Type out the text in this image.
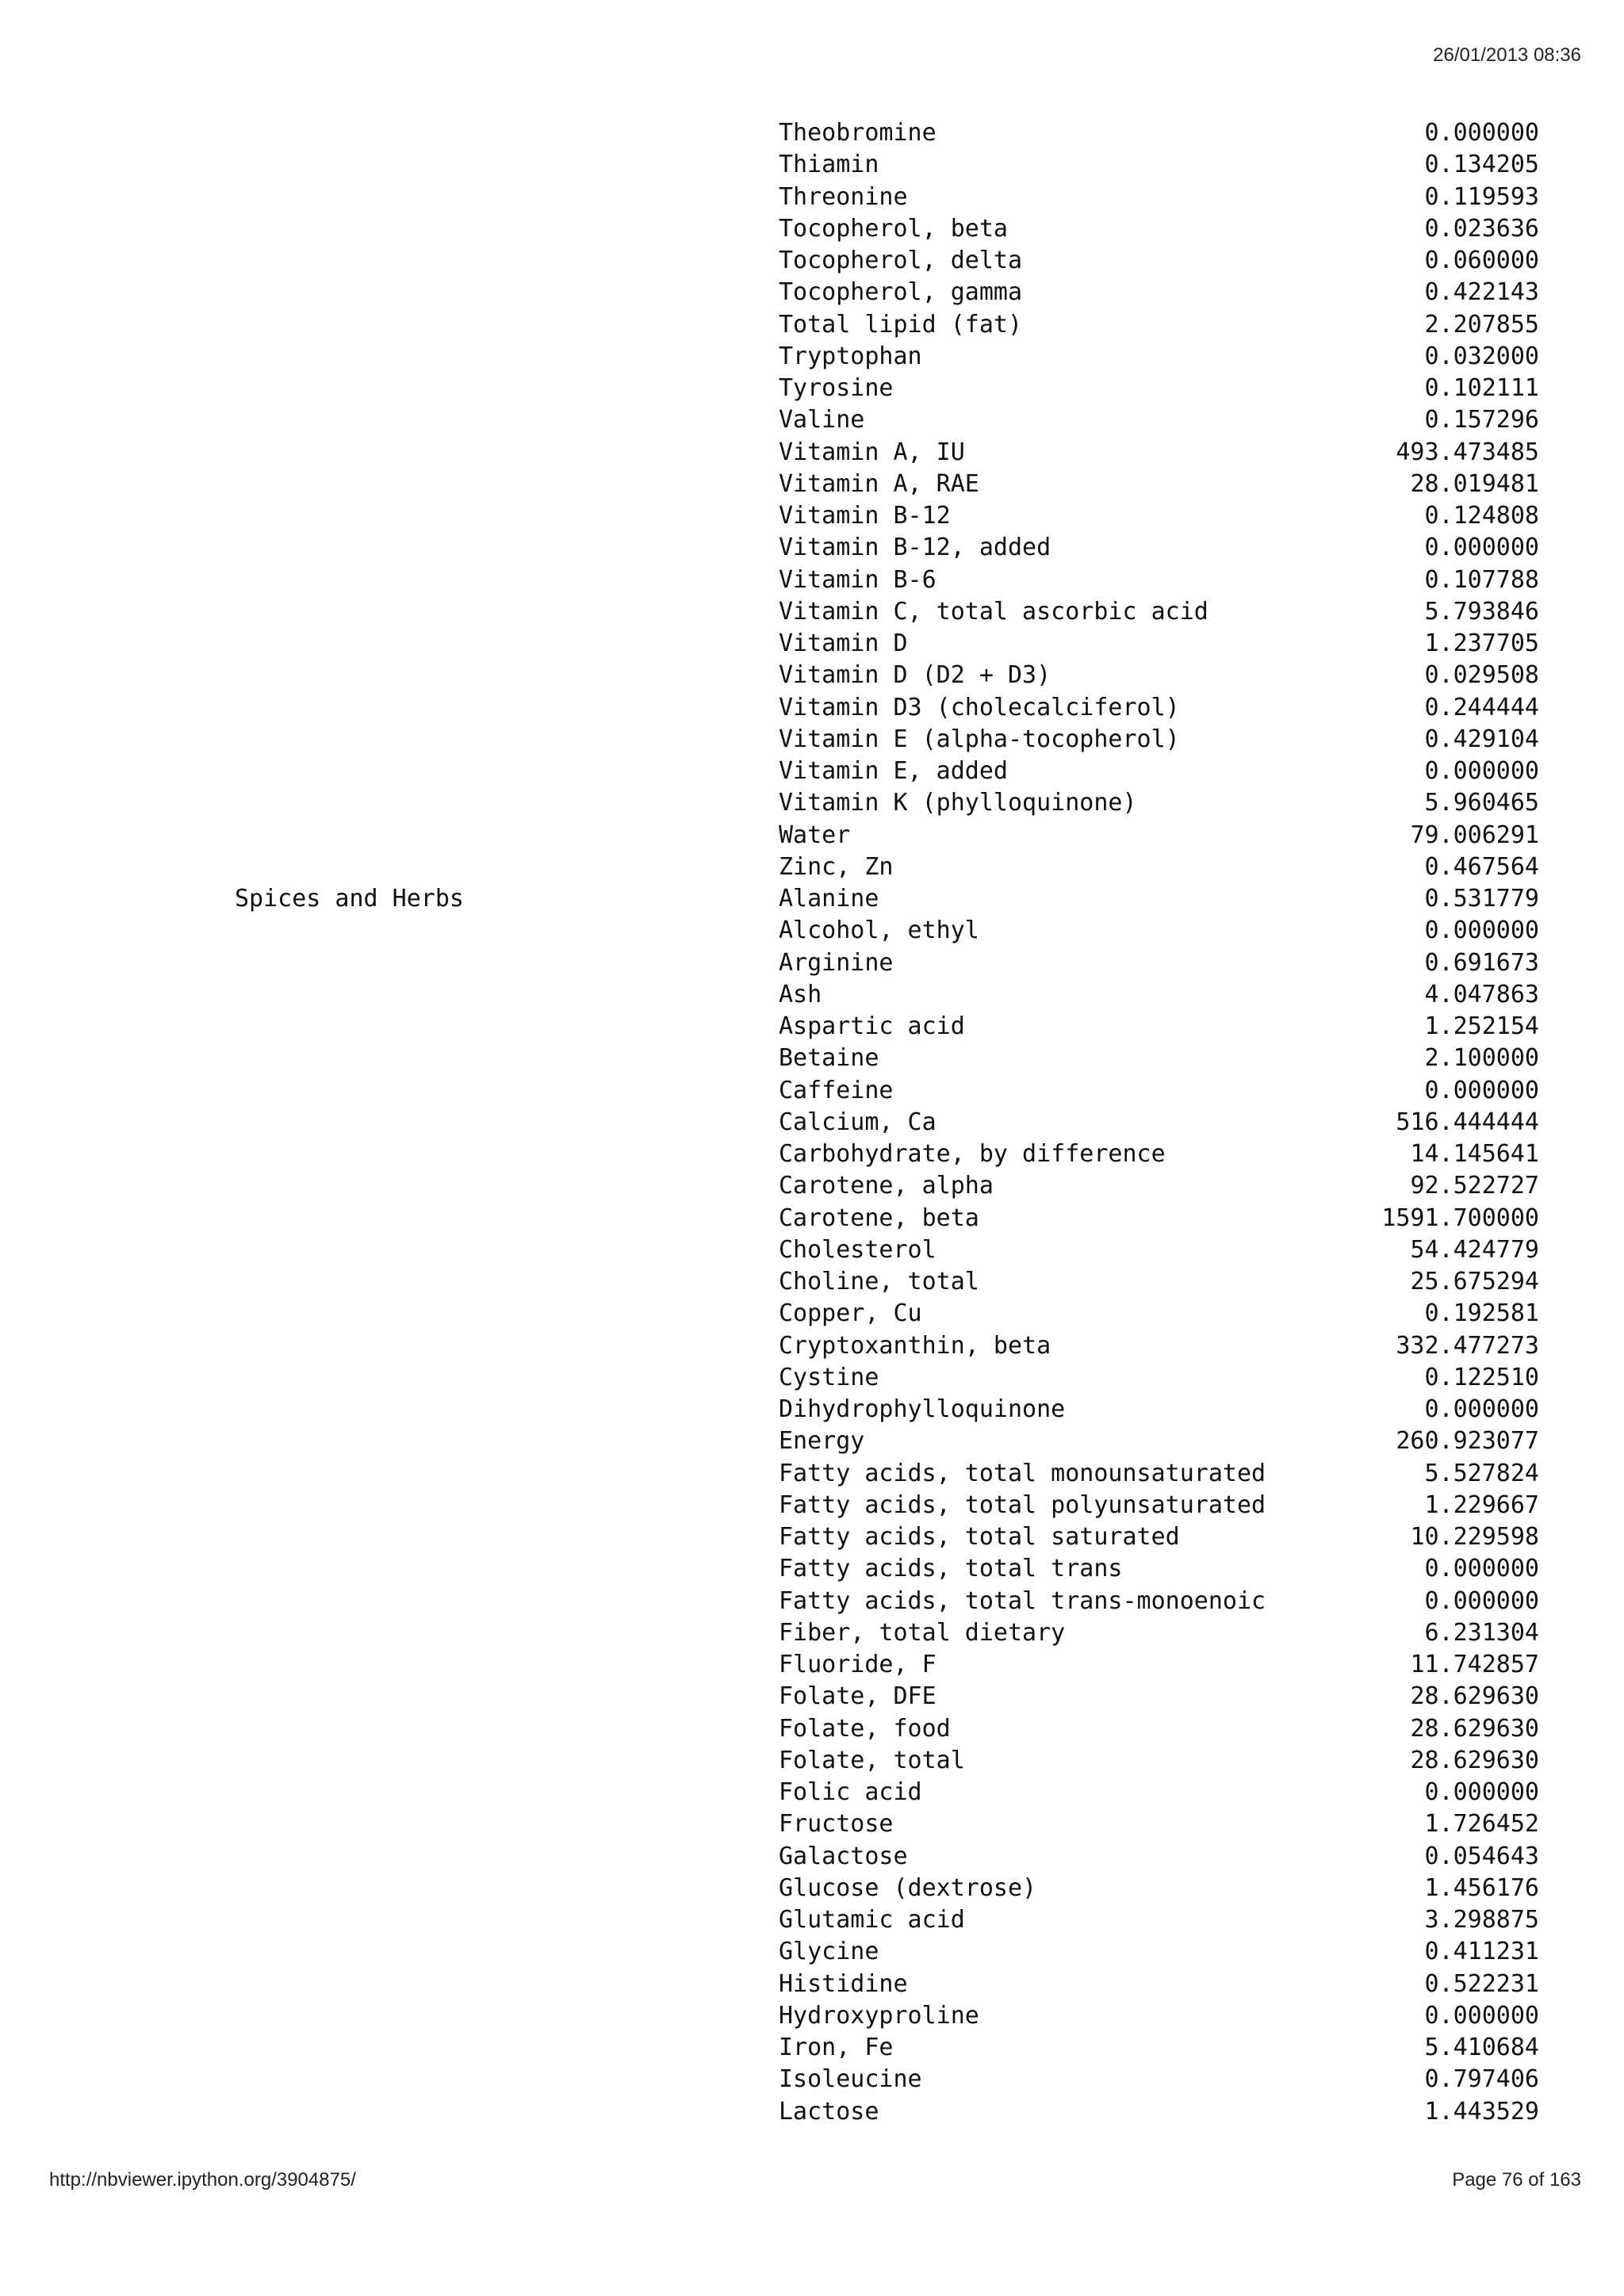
26/01/2013 08:36
Theobromine	0.000000
Thiamin	0.134205
Threonine	0.119593
Tocopherol, beta	0.023636
Tocopherol, delta	0.060000
Tocopherol, gamma	0.422143
Total lipid (fat)	2.207855
Tryptophan	0.032000
Tyrosine	0.102111
Valine	0.157296
Vitamin A, IU	493.473485
Vitamin A, RAE	28.019481
Vitamin B-12	0.124808
Vitamin B-12, added	0.000000
Vitamin B-6	0.107788
Vitamin C, total ascorbic acid	5.793846
Vitamin D	1.237705
Vitamin D (D2 + D3)	0.029508
Vitamin D3 (cholecalciferol)	0.244444
Vitamin E (alpha-tocopherol)	0.429104
Vitamin E, added	0.000000
Vitamin K (phylloquinone)	5.960465
Water	79.006291
Zinc, Zn	0.467564
Spices and Herbs	Alanine	0.531779
Alcohol, ethyl	0.000000
Arginine	0.691673
Ash	4.047863
Aspartic acid	1.252154
Betaine	2.100000
Caffeine	0.000000
Calcium, Ca	516.444444
Carbohydrate, by difference	14.145641
Carotene, alpha	92.522727
Carotene, beta	1591.700000
Cholesterol	54.424779
Choline, total	25.675294
Copper, Cu	0.192581
Cryptoxanthin, beta	332.477273
Cystine	0.122510
Dihydrophylloquinone	0.000000
Energy	260.923077
Fatty acids, total monounsaturated	5.527824
Fatty acids, total polyunsaturated	1.229667
Fatty acids, total saturated	10.229598
Fatty acids, total trans	0.000000
Fatty acids, total trans-monoenoic	0.000000
Fiber, total dietary	6.231304
Fluoride, F	11.742857
Folate, DFE	28.629630
Folate, food	28.629630
Folate, total	28.629630
Folic acid	0.000000
Fructose	1.726452
Galactose	0.054643
Glucose (dextrose)	1.456176
Glutamic acid	3.298875
Glycine	0.411231
Histidine	0.522231
Hydroxyproline	0.000000
Iron, Fe	5.410684
Isoleucine	0.797406
Lactose	1.443529
http://nbviewer.ipython.org/3904875/	Page 76 of 163
